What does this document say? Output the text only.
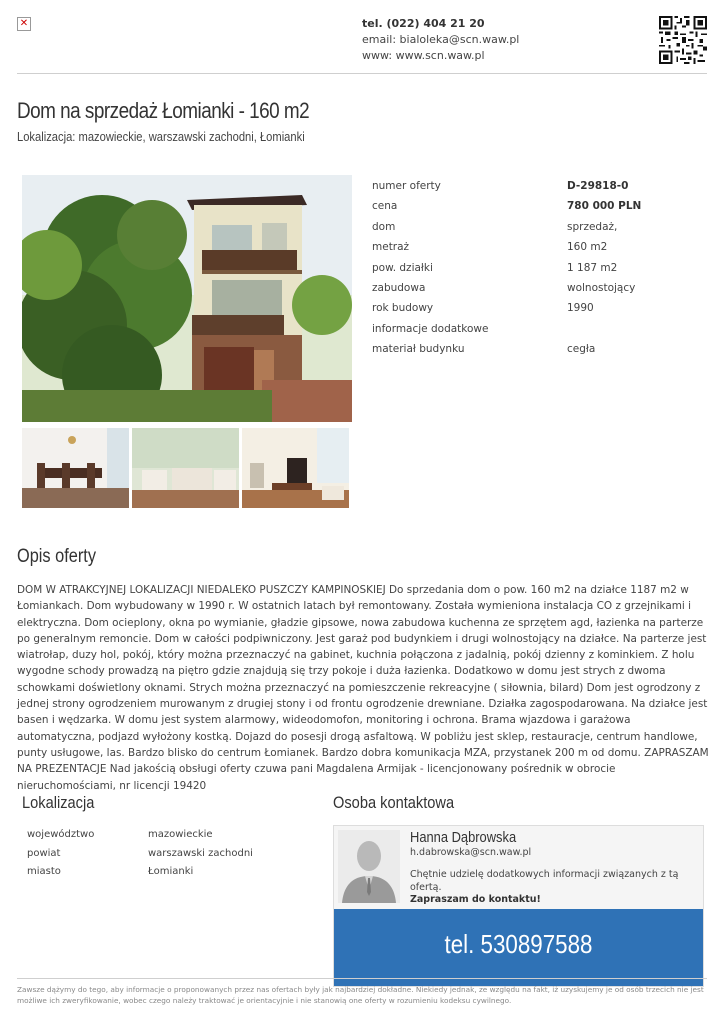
✕	tel. (022) 404 21 20
email: bialoleka@scn.waw.pl
www: www.scn.waw.pl
Dom na sprzedaż Łomianki - 160 m2
Lokalizacja: mazowieckie, warszawski zachodni, Łomianki
numer oferty	D-29818-0
cena	780 000 PLN
dom	sprzedaż,
metraż	160 m2
pow. działki	1 187 m2
zabudowa	wolnostojący
rok budowy	1990
informacje dodatkowe
materiał budynku	cegła
Opis oferty
DOM W ATRAKCYJNEJ LOKALIZACJI NIEDALEKO PUSZCZY KAMPINOSKIEJ Do sprzedania dom o pow. 160 m2 na działce 1187 m2 w Łomiankach. Dom wybudowany w 1990 r. W ostatnich latach był remontowany. Została wymieniona instalacja CO z grzejnikami i elektryczna. Dom ocieplony, okna po wymianie, gładzie gipsowe, nowa zabudowa kuchenna ze sprzętem agd, łazienka na parterze po generalnym remoncie. Dom w całości podpiwniczony. Jest garaż pod budynkiem i drugi wolnostojący na działce. Na parterze jest wiatrołap, duzy hol, pokój, który można przeznaczyć na gabinet, kuchnia połączona z jadalnią, pokój dzienny z kominkiem. Z holu wygodne schody prowadzą na piętro gdzie znajdują się trzy pokoje i duża łazienka. Dodatkowo w domu jest strych z dwoma schowkami doświetlony oknami. Strych można przeznaczyć na pomieszczenie rekreacyjne ( siłownia, bilard) Dom jest ogrodzony z jednej strony ogrodzeniem murowanym z drugiej stony i od frontu ogrodzenie drewniane. Działka zagospodarowana. Na działce jest basen i wędzarka. W domu jest system alarmowy, wideodomofon, monitoring i ochrona. Brama wjazdowa i garażowa automatyczna, podjazd wyłożony kostką. Dojazd do posesji drogą asfaltową. W pobliżu jest sklep, restauracje, centrum handlowe, punty usługowe, las. Bardzo blisko do centrum Łomianek. Bardzo dobra komunikacja MZA, przystanek 200 m od domu. ZAPRASZAM NA PREZENTACJE Nad jakością obsługi oferty czuwa pani Magdalena Armijak - licencjonowany pośrednik w obrocie nieruchomościami, nr licencji 19420
Lokalizacja
województwo	mazowieckie
powiat	warszawski zachodni
miasto	Łomianki
Osoba kontaktowa
Hanna Dąbrowska
h.dabrowska@scn.waw.pl
Chętnie udzielę dodatkowych informacji związanych z tą ofertą.
Zapraszam do kontaktu!
tel. 530897588
Zawsze dążymy do tego, aby informacje o proponowanych przez nas ofertach były jak najbardziej dokładne. Niekiedy jednak, ze względu na fakt, iż uzyskujemy je od osób trzecich nie jest możliwe ich zweryfikowanie, wobec czego należy traktować je orientacyjnie i nie stanowią one oferty w rozumieniu kodeksu cywilnego.
